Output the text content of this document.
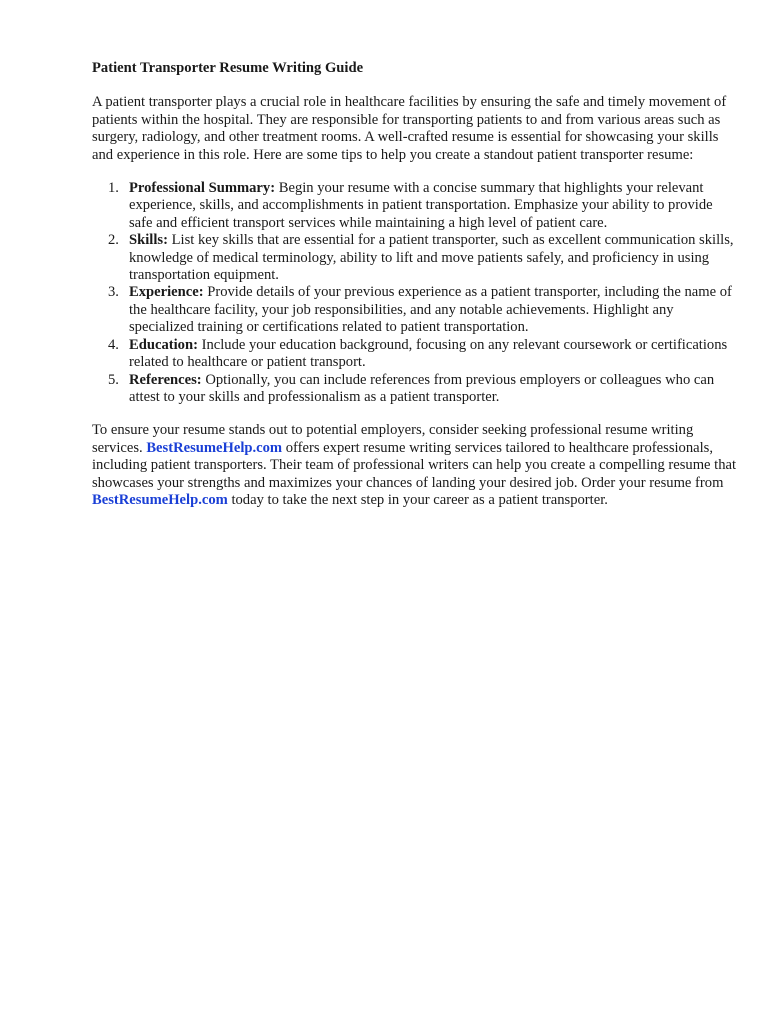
Patient Transporter Resume Writing Guide

A patient transporter plays a crucial role in healthcare facilities by ensuring the safe and timely movement of patients within the hospital. They are responsible for transporting patients to and from various areas such as surgery, radiology, and other treatment rooms. A well-crafted resume is essential for showcasing your skills and experience in this role. Here are some tips to help you create a standout patient transporter resume:

1. Professional Summary: Begin your resume with a concise summary that highlights your relevant experience, skills, and accomplishments in patient transportation. Emphasize your ability to provide safe and efficient transport services while maintaining a high level of patient care.
2. Skills: List key skills that are essential for a patient transporter, such as excellent communication skills, knowledge of medical terminology, ability to lift and move patients safely, and proficiency in using transportation equipment.
3. Experience: Provide details of your previous experience as a patient transporter, including the name of the healthcare facility, your job responsibilities, and any notable achievements. Highlight any specialized training or certifications related to patient transportation.
4. Education: Include your education background, focusing on any relevant coursework or certifications related to healthcare or patient transport.
5. References: Optionally, you can include references from previous employers or colleagues who can attest to your skills and professionalism as a patient transporter.

To ensure your resume stands out to potential employers, consider seeking professional resume writing services. BestResumeHelp.com offers expert resume writing services tailored to healthcare professionals, including patient transporters. Their team of professional writers can help you create a compelling resume that showcases your strengths and maximizes your chances of landing your desired job. Order your resume from BestResumeHelp.com today to take the next step in your career as a patient transporter.
